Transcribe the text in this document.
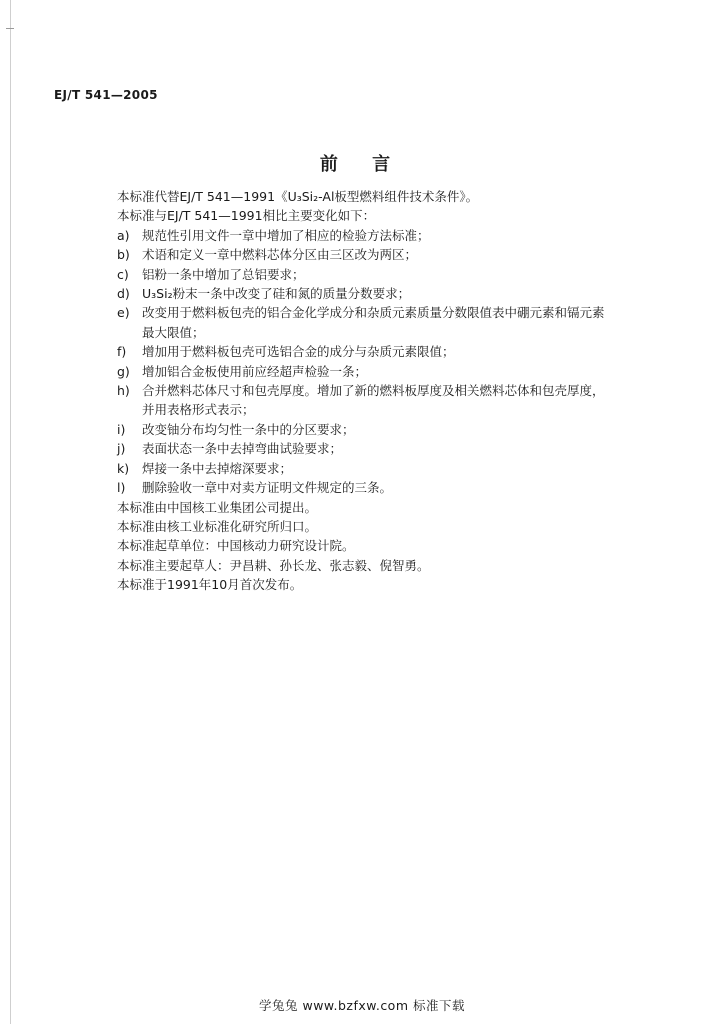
EJ/T 541—2005
前 言
本标准代替EJ/T 541—1991《U₃Si₂-Al板型燃料组件技术条件》。
本标准与EJ/T 541—1991相比主要变化如下：
a) 规范性引用文件一章中增加了相应的检验方法标准；
b) 术语和定义一章中燃料芯体分区由三区改为两区；
c)	铝粉一条中增加了总铝要求；
d) U₃Si₂粉末一条中改变了硅和氮的质量分数要求；
e) 改变用于燃料板包壳的铝合金化学成分和杂质元素质量分数限值表中硼元素和镉元素
最大限值；
f)	增加用于燃料板包壳可选铝合金的成分与杂质元素限值；
g) 增加铝合金板使用前应经超声检验一条；
h) 合并燃料芯体尺寸和包壳厚度。增加了新的燃料板厚度及相关燃料芯体和包壳厚度，
并用表格形式表示；
i)	改变铀分布均匀性一条中的分区要求；
j)	表面状态一条中去掉弯曲试验要求；
k)	焊接一条中去掉熔深要求；
l)	删除验收一章中对卖方证明文件规定的三条。
本标准由中国核工业集团公司提出。
本标准由核工业标准化研究所归口。
本标准起草单位：中国核动力研究设计院。
本标准主要起草人：尹昌耕、孙长龙、张志毅、倪智勇。
本标准于1991年10月首次发布。
学兔兔 www.bzfxw.com 标准下载
